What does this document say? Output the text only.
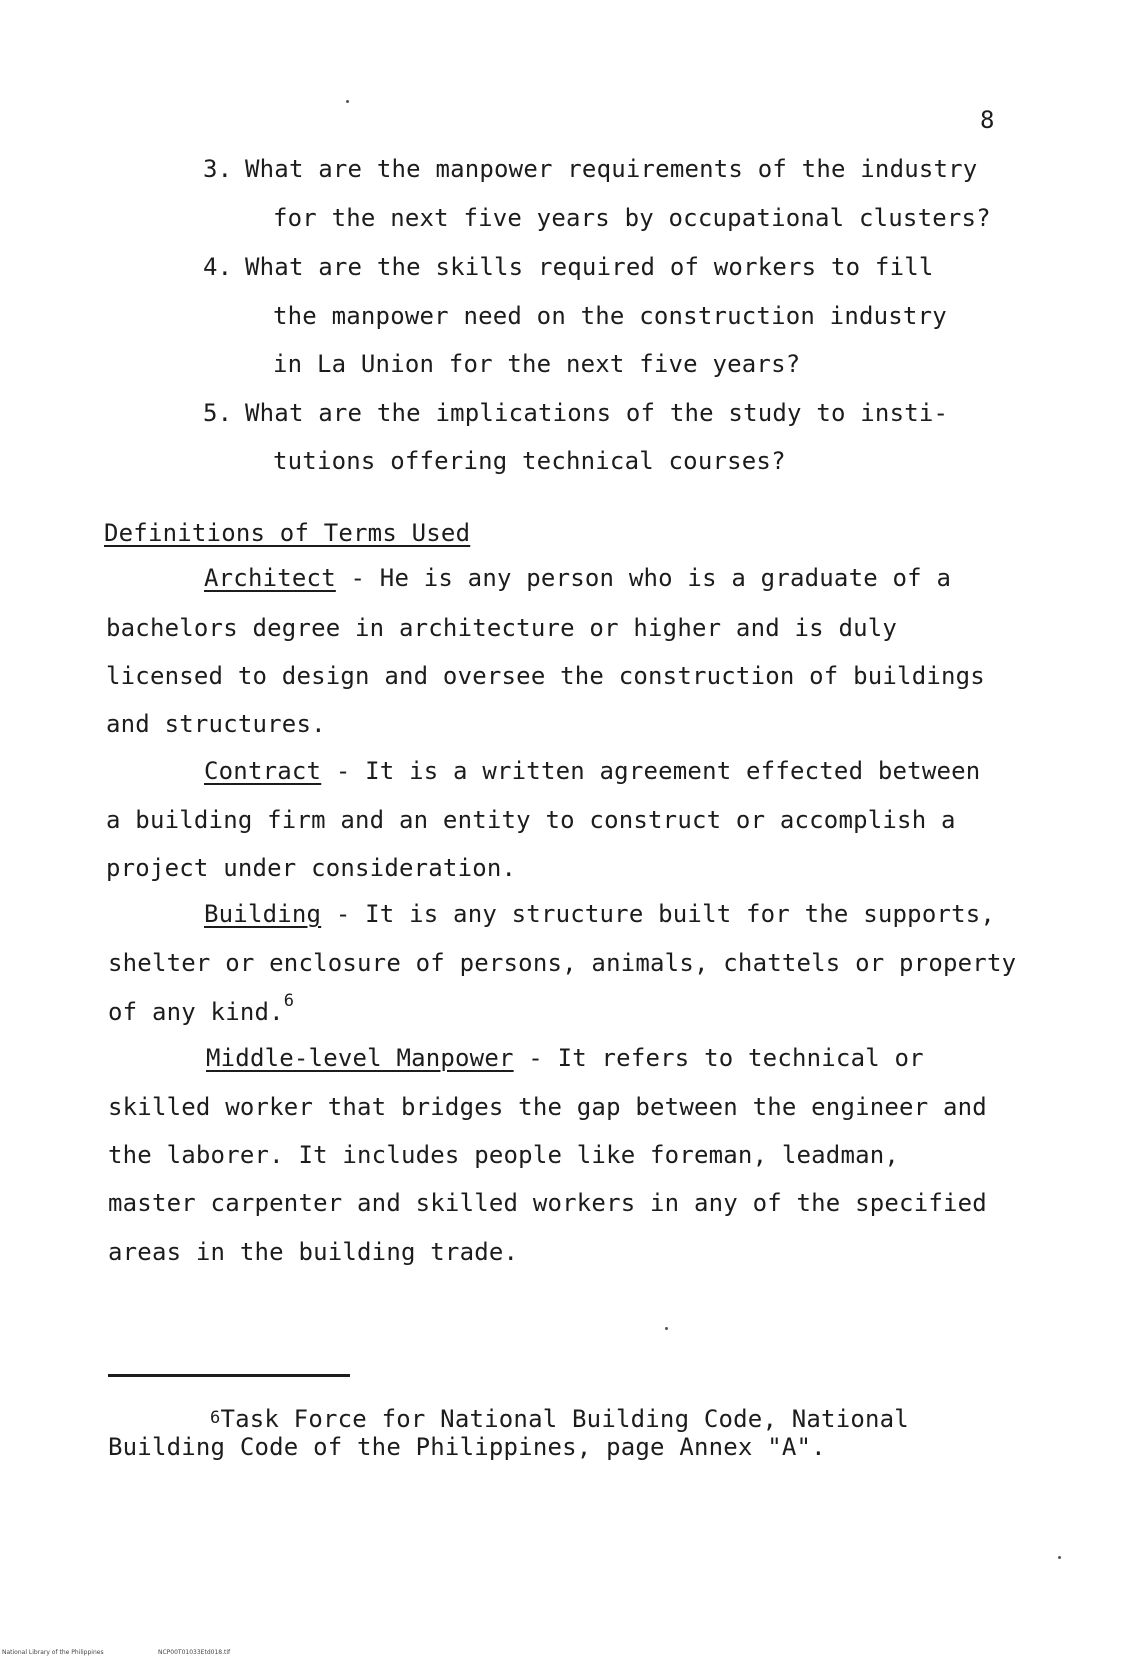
8
3. What are the manpower requirements of the industry
for the next five years by occupational clusters?
4. What are the skills required of workers to fill
the manpower need on the construction industry
in La Union for the next five years?
5. What are the implications of the study to insti-
tutions offering technical courses?
Definitions of Terms Used
Architect - He is any person who is a graduate of a
bachelors degree in architecture or higher and is duly
licensed to design and oversee the construction of buildings
and structures.
Contract - It is a written agreement effected between
a building firm and an entity to construct or accomplish a
project under consideration.
Building - It is any structure built for the supports,
shelter or enclosure of persons, animals, chattels or property
of any kind.$^6$
Middle-level Manpower - It refers to technical or
skilled worker that bridges the gap between the engineer and
the laborer. It includes people like foreman, leadman,
master carpenter and skilled workers in any of the specified
areas in the building trade.
$^6$Task Force for National Building Code, National
Building Code of the Philippines, page Annex "A".
National Library of the Philippines	NCP00T01033Etd018.tif
